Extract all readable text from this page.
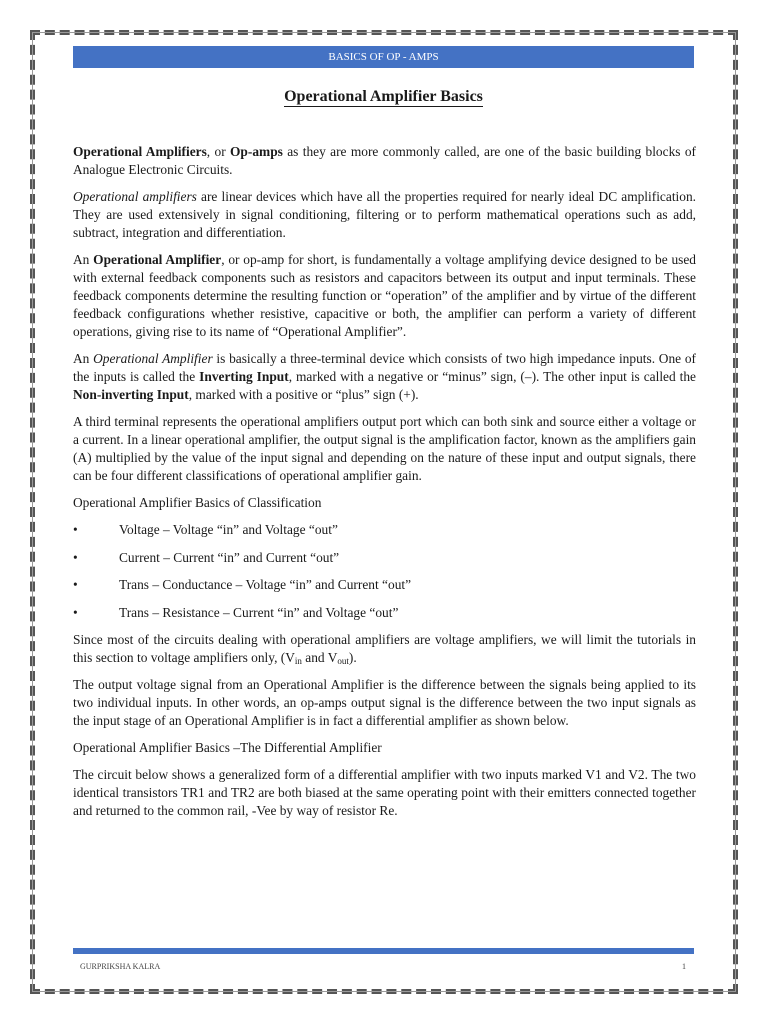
BASICS OF OP - AMPS
Operational Amplifier Basics

Operational Amplifiers, or Op-amps as they are more commonly called, are one of the basic building blocks of Analogue Electronic Circuits.

Operational amplifiers are linear devices which have all the properties required for nearly ideal DC amplification. They are used extensively in signal conditioning, filtering or to perform mathematical operations such as add, subtract, integration and differentiation.

An Operational Amplifier, or op-amp for short, is fundamentally a voltage amplifying device designed to be used with external feedback components such as resistors and capacitors between its output and input terminals. These feedback components determine the resulting function or “operation” of the amplifier and by virtue of the different feedback configurations whether resistive, capacitive or both, the amplifier can perform a variety of different operations, giving rise to its name of “Operational Amplifier”.

An Operational Amplifier is basically a three-terminal device which consists of two high impedance inputs. One of the inputs is called the Inverting Input, marked with a negative or “minus” sign, (–). The other input is called the Non-inverting Input, marked with a positive or “plus” sign (+).

A third terminal represents the operational amplifiers output port which can both sink and source either a voltage or a current. In a linear operational amplifier, the output signal is the amplification factor, known as the amplifiers gain (A) multiplied by the value of the input signal and depending on the nature of these input and output signals, there can be four different classifications of operational amplifier gain.

Operational Amplifier Basics of Classification

•	Voltage – Voltage “in” and Voltage “out”
•	Current – Current “in” and Current “out”
•	Trans – Conductance – Voltage “in” and Current “out”
•	Trans – Resistance – Current “in” and Voltage “out”

Since most of the circuits dealing with operational amplifiers are voltage amplifiers, we will limit the tutorials in this section to voltage amplifiers only, ($V_{in}$ and $V_{out}$).

The output voltage signal from an Operational Amplifier is the difference between the signals being applied to its two individual inputs. In other words, an op-amps output signal is the difference between the two input signals as the input stage of an Operational Amplifier is in fact a differential amplifier as shown below.

Operational Amplifier Basics –The Differential Amplifier

The circuit below shows a generalized form of a differential amplifier with two inputs marked V1 and V2. The two identical transistors TR1 and TR2 are both biased at the same operating point with their emitters connected together and returned to the common rail, -Vee by way of resistor Re.

GURPRIKSHA KALRA	1
